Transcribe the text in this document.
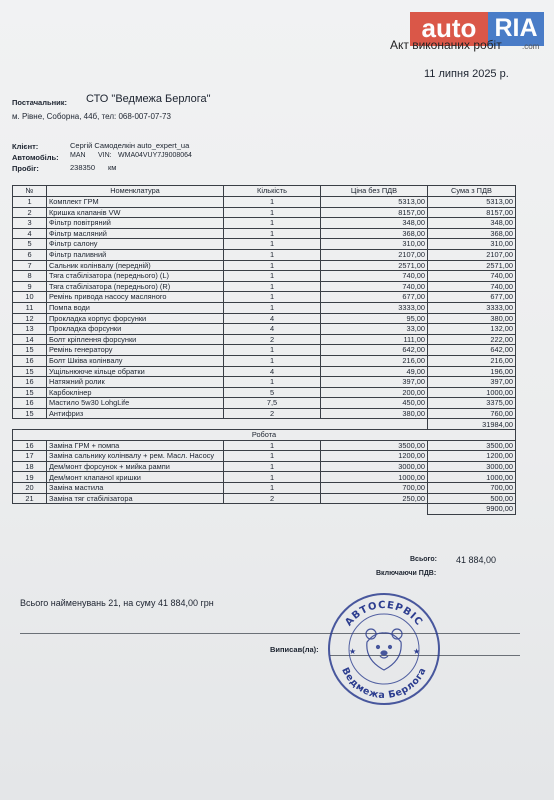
auto RIA
.com
Акт виконаних робіт
11 липня 2025 р.
Постачальник: СТО "Ведмежа Берлога"
м. Рівне, Соборна, 44б, тел: 068-007-07-73
Клієнт:	Сергій Самоделкін auto_expert_ua
Автомобіль: MAN VIN: WMA04VUY7J9008064
Пробіг:	238350 км
№	Номенклатура	Кількість	Ціна без ПДВ	Сума з ПДВ
1	Комплект ГРМ	1	5313,00	5313,00
2	Кришка клапанів VW	1	8157,00	8157,00
3	Фільтр повітряний	1	348,00	348,00
4	Фільтр масляний	1	368,00	368,00
5	Фільтр салону	1	310,00	310,00
6	Фільтр паливний	1	2107,00	2107,00
7	Сальник колінвалу (передній)	1	2571,00	2571,00
8	Тяга стабілізатора (переднього) (L)	1	740,00	740,00
9	Тяга стабілізатора (переднього) (R)	1	740,00	740,00
10	Ремінь привода насосу масляного	1	677,00	677,00
11	Помпа води	1	3333,00	3333,00
12	Прокладка корпус форсунки	4	95,00	380,00
13	Прокладка форсунки	4	33,00	132,00
14	Болт кріплення форсунки	2	111,00	222,00
15	Ремінь генератору	1	642,00	642,00
16	Болт Шківа колінвалу	1	216,00	216,00
15	Ущільнююче кільце обратки	4	49,00	196,00
16	Натяжний ролик	1	397,00	397,00
15	Карбоклінер	5	200,00	1000,00
16	Мастило 5w30 LohgLife	7,5	450,00	3375,00
15	Антифриз	2	380,00	760,00
				31984,00
Робота				
16	Заміна ГРМ + помпа	1	3500,00	3500,00
17	Заміна сальнику колінвалу + рем. Масл. Насосу	1	1200,00	1200,00
18	Дем/монт форсунок + мийка рампи	1	3000,00	3000,00
19	Дем/монт клапаної кришки	1	1000,00	1000,00
20	Заміна мастила	1	700,00	700,00
21	Заміна тяг стабілізатора	2	250,00	500,00
				9900,00
Всього: 41 884,00
Включаючи ПДВ:
Всього найменувань 21, на суму 41 884,00 грн
Виписав(ла):
АВТОСЕРВІС
Ведмежа Берлога
★	★
